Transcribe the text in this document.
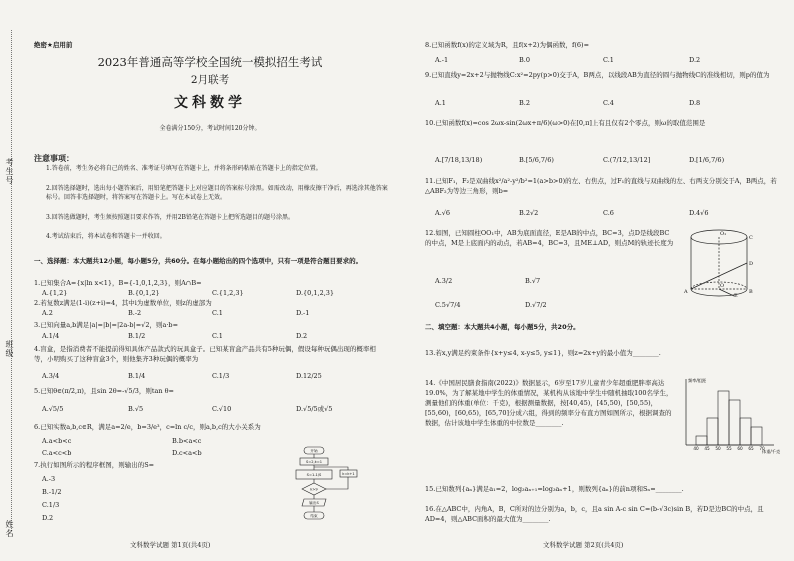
考生号
班级
姓名
绝密★启用前
2023年普通高等学校全国统一模拟招生考试
2月联考
文科数学
全卷满分150分，考试时间120分钟。
注意事项：
1.答卷前，考生务必将自己的姓名、准考证号填写在答题卡上，并将条形码粘贴在答题卡上的指定位置。
2.回答选择题时，选出每小题答案后，用铅笔把答题卡上对应题目的答案标号涂黑。如需改动，用橡皮擦干净后，再选涂其他答案标号。回答非选择题时，将答案写在答题卡上。写在本试卷上无效。
3.回答选做题时，考生须按照题目要求作答，并用2B铅笔在答题卡上把所选题目的题号涂黑。
4.考试结束后，将本试卷和答题卡一并收回。
一、选择题：本大题共12小题，每小题5分，共60分。在每小题给出的四个选项中，只有一项是符合题目要求的。
1.已知集合A={x|ln x<1}，B={-1,0,1,2,3}，则A∩B=
A.{1,2}	B.{0,1,2}	C.{1,2,3}	D.{0,1,2,3}
2.若复数z满足(1-i)(z+i)=4，其中i为虚数单位，则z的虚部为
A.2	B.-2	C.1	D.-1
3.已知向量a,b满足|a|=|b|=|2a-b|=√2，则a·b=
A.1/4	B.1/2	C.1	D.2
4.盲盒，是指消费者不能提前得知具体产品款式的玩具盒子。已知某盲盒产品共有5种玩偶，假设每种玩偶出现的概率相等，小明购买了这种盲盒3个，则他集齐3种玩偶的概率为
A.3/4	B.1/4	C.1/3	D.12/25
5.已知θ∈(π/2,π)，且sin 2θ=-√5/3，则tan θ=
A.√5/5	B.√5	C.√10	D.√5/5或√5
6.已知实数a,b,c∈R，满足a=2/e，b=3/e³，c=ln c/c，则a,b,c的大小关系为
A.a<b<c	B.b<a<c
C.a<c<b	D.c<a<b
7.执行如图所示的程序框图，则输出的S=
A.-3
B.-1/2
C.1/3
D.2
开始
S=2,k=1
S=1-1/S	k=k+1
k>9
输出S
结束
文科数学试题 第1页(共4页)
8.已知函数f(x)的定义域为R，且f(x+2)为偶函数，f(6)=
A.-1	B.0	C.1	D.2
9.已知直线y=2x+2与抛物线C:x²=2py(p>0)交于A，B两点，以线段AB为直径的圆与抛物线C的准线相切，则p的值为
A.1	B.2	C.4	D.8
10.已知函数f(x)=cos 2ωx-sin(2ωx+π/6)(ω>0)在[0,π]上有且仅有2个零点，则ω的取值范围是
A.[7/18,13/18)	B.[5/6,7/6)	C.(7/12,13/12]	D.[1/6,7/6)
11.已知F₁，F₂是双曲线x²/a²-y²/b²=1(a>b>0)的左、右焦点，过F₁的直线与双曲线的左、右两支分别交于A，B两点，若△ABF₂为等边三角形，则b=
A.√6	B.2√2	C.6	D.4√6
12.如图，已知圆柱OO₁中，AB为底面直径，E是AB的中点，BC=3，点D是线段BC的中点，M是上底面内的动点，若AB=4，BC=3，且ME⊥AD，则点M的轨迹长度为
A.3/2	B.√7
C.5√7/4	D.√7/2
二、填空题：本大题共4小题，每小题5分，共20分。
13.若x,y满足约束条件{x+y≤4, x-y≤5, y≤1}，则z=2x+y的最小值为________.
14.《中国居民膳食指南(2022)》数据显示，6岁至17岁儿童青少年超重肥胖率高达19.0%，为了解某地中学生的体重情况，某机构从该地中学生中随机抽取100名学生，测量他们的体重(单位：千克)，根据测量数据，按[40,45)，[45,50)，[50,55)，[55,60)，[60,65)，[65,70]分成六组，得到的频率分布直方图如图所示，根据调查的数据，估计该地中学生体重的中位数是________.
15.已知数列{aₙ}满足a₁=2，log₃aₙ₊₁=log₃aₙ+1，则数列{aₙ}的前n项和Sₙ=________.
16.在△ABC中，内角A，B，C所对的边分别为a，b，c，且a sin A-c sin C=(b-√3c)sin B，若D是边BC的中点，且AD=4，则△ABC面积的最大值为________.
文科数学试题 第2页(共4页)
O₁
C
D
A	B
O
E
40 45 50 55 60 65 70
频率/组距
体重/千克
